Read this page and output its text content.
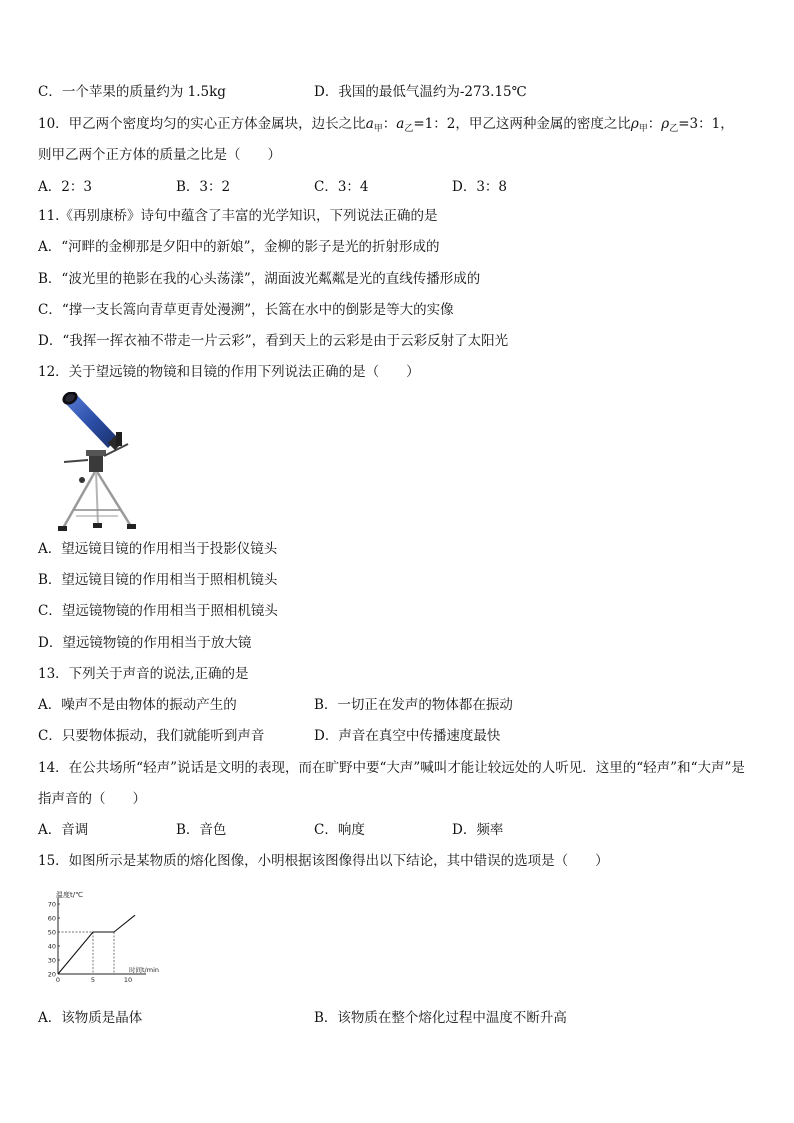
C．一个苹果的质量约为 1.5kg	D．我国的最低气温约为-273.15℃
10．甲乙两个密度均匀的实心正方体金属块，边长之比$a_甲$：$a_乙=1$：2，甲乙这两种金属的密度之比$\rho_甲$：$\rho_乙=3$：1，
则甲乙两个正方体的质量之比是（　　）
A．2：3	B．3：2	C．3：4	D．3：8
11.《再别康桥》诗句中蕴含了丰富的光学知识，下列说法正确的是
A．“河畔的金柳那是夕阳中的新娘”，金柳的影子是光的折射形成的
B．“波光里的艳影在我的心头荡漾”，湖面波光粼粼是光的直线传播形成的
C．“撑一支长篙向青草更青处漫溯”，长篙在水中的倒影是等大的实像
D．“我挥一挥衣袖不带走一片云彩”，看到天上的云彩是由于云彩反射了太阳光
12．关于望远镜的物镜和目镜的作用下列说法正确的是（　　）
A．望远镜目镜的作用相当于投影仪镜头
B．望远镜目镜的作用相当于照相机镜头
C．望远镜物镜的作用相当于照相机镜头
D．望远镜物镜的作用相当于放大镜
13．下列关于声音的说法,正确的是
A．噪声不是由物体的振动产生的	B．一切正在发声的物体都在振动
C．只要物体振动，我们就能听到声音	D．声音在真空中传播速度最快
14．在公共场所“轻声”说话是文明的表现，而在旷野中要“大声”喊叫才能让较远处的人听见．这里的“轻声”和“大声”是
指声音的（　　）
A．音调	B．音色	C．响度	D．频率
15．如图所示是某物质的熔化图像，小明根据该图像得出以下结论，其中错误的选项是（　　）
70
60
50
40
30
20
0	5	10
温度t/℃
时间t/min
A．该物质是晶体	B．该物质在整个熔化过程中温度不断升高
